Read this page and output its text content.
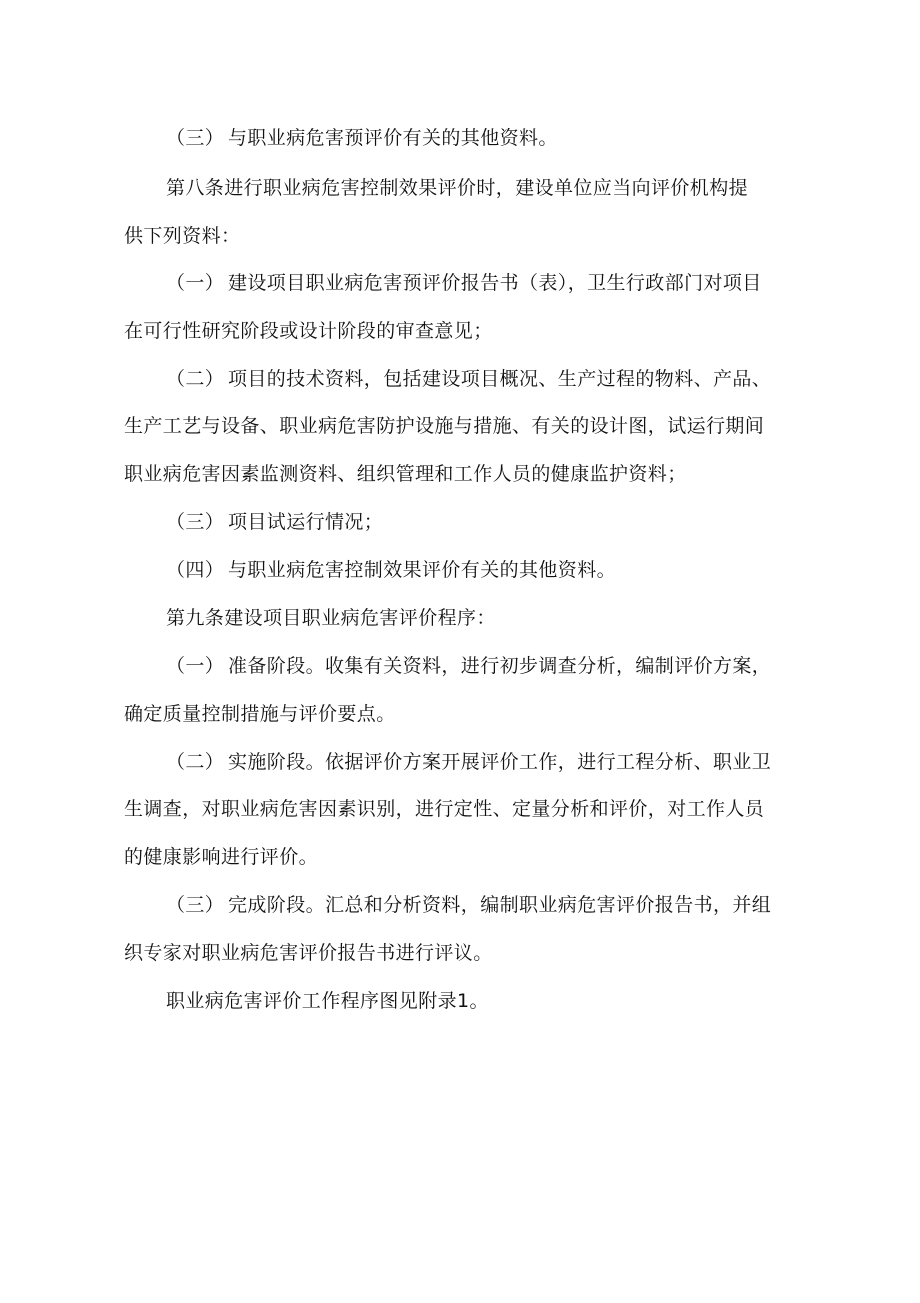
（三） 与职业病危害预评价有关的其他资料。
第八条进行职业病危害控制效果评价时，建设单位应当向评价机构提
供下列资料：
（一） 建设项目职业病危害预评价报告书（表），卫生行政部门对项目
在可行性研究阶段或设计阶段的审查意见；
（二） 项目的技术资料，包括建设项目概况、生产过程的物料、产品、
生产工艺与设备、职业病危害防护设施与措施、有关的设计图，试运行期间
职业病危害因素监测资料、组织管理和工作人员的健康监护资料；
（三） 项目试运行情况；
（四） 与职业病危害控制效果评价有关的其他资料。
第九条建设项目职业病危害评价程序：
（一） 准备阶段。收集有关资料，进行初步调查分析，编制评价方案，
确定质量控制措施与评价要点。
（二） 实施阶段。依据评价方案开展评价工作，进行工程分析、职业卫
生调查，对职业病危害因素识别，进行定性、定量分析和评价，对工作人员
的健康影响进行评价。
（三） 完成阶段。汇总和分析资料，编制职业病危害评价报告书，并组
织专家对职业病危害评价报告书进行评议。
职业病危害评价工作程序图见附录1。
